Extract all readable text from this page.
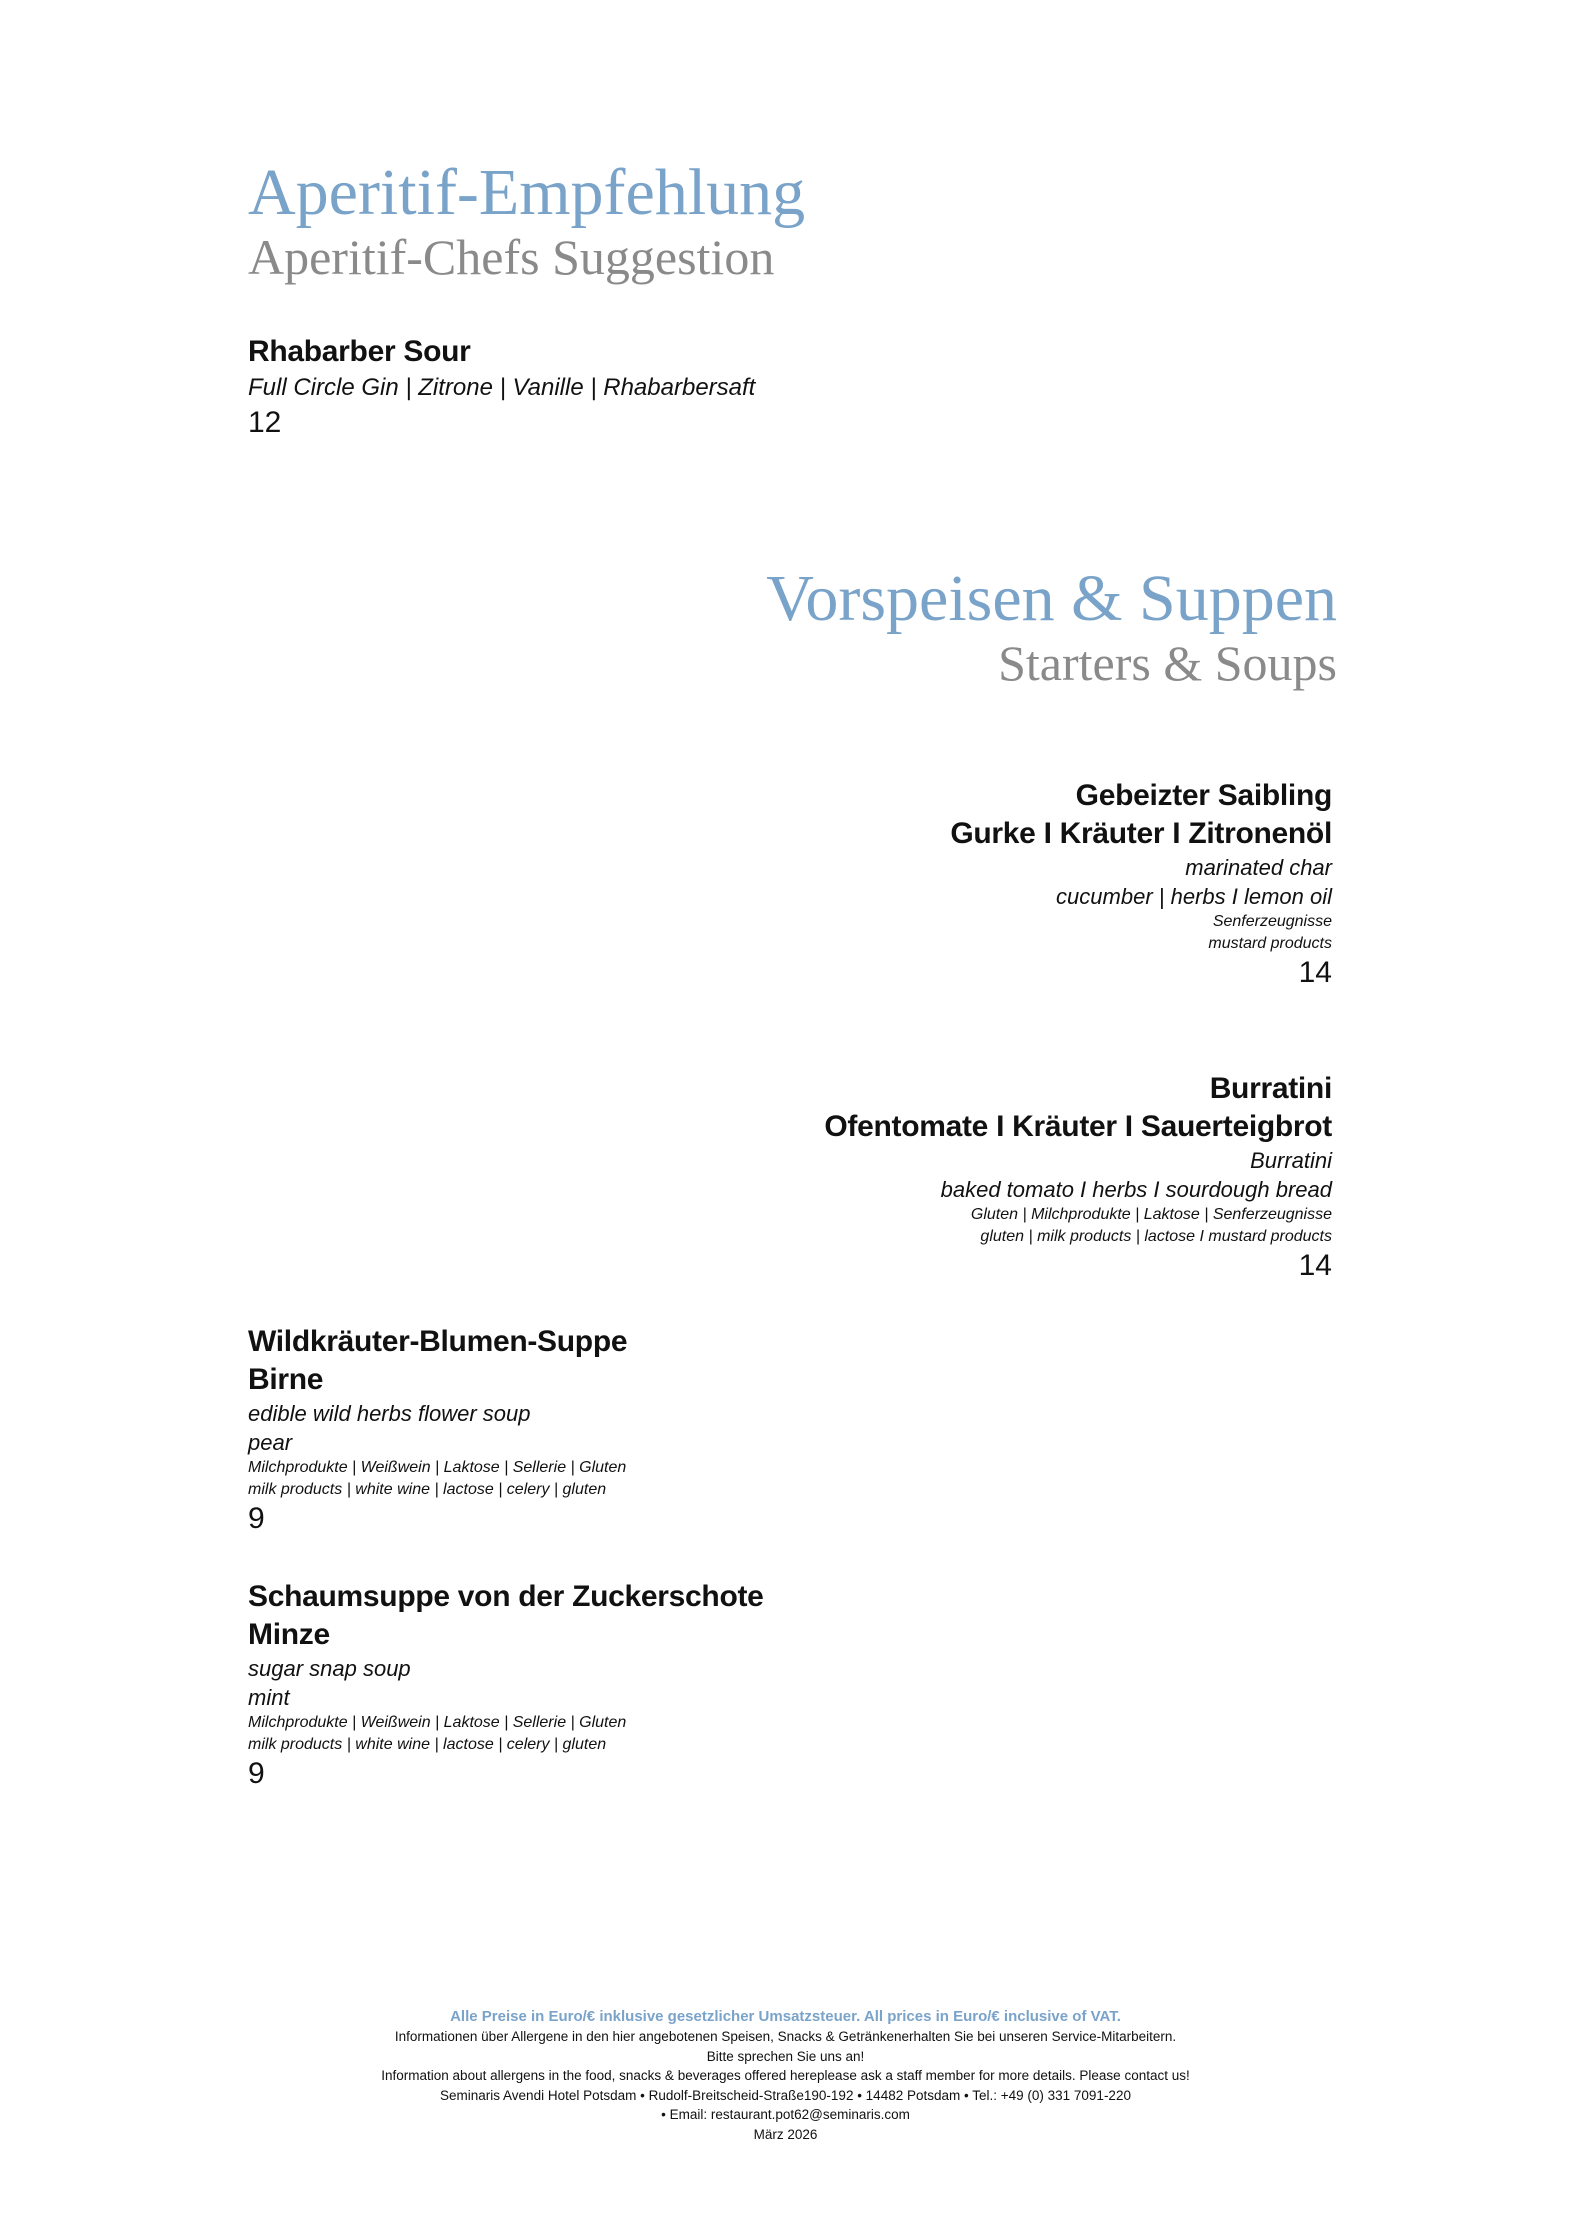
Aperitif-Empfehlung
Aperitif-Chefs Suggestion
Rhabarber Sour
Full Circle Gin | Zitrone | Vanille | Rhabarbersaft
12
Vorspeisen & Suppen
Starters & Soups
Gebeizter Saibling
Gurke I Kräuter I Zitronenöl
marinated char
cucumber | herbs I lemon oil
Senferzeugnisse
mustard products
14
Burratini
Ofentomate I Kräuter I Sauerteigbrot
Burratini
baked tomato I herbs I sourdough bread
Gluten | Milchprodukte | Laktose | Senferzeugnisse
gluten | milk products | lactose I mustard products
14
Wildkräuter-Blumen-Suppe
Birne
edible wild herbs flower soup
pear
Milchprodukte | Weißwein | Laktose | Sellerie | Gluten
milk products | white wine | lactose | celery | gluten
9
Schaumsuppe von der Zuckerschote
Minze
sugar snap soup
mint
Milchprodukte | Weißwein | Laktose | Sellerie | Gluten
milk products | white wine | lactose | celery | gluten
9
Alle Preise in Euro/€ inklusive gesetzlicher Umsatzsteuer. All prices in Euro/€ inclusive of VAT.
Informationen über Allergene in den hier angebotenen Speisen, Snacks & Getränkenerhalten Sie bei unseren Service-Mitarbeitern.
Bitte sprechen Sie uns an!
Information about allergens in the food, snacks & beverages offered hereplease ask a staff member for more details. Please contact us!
Seminaris Avendi Hotel Potsdam • Rudolf-Breitscheid-Straße190-192 • 14482 Potsdam • Tel.: +49 (0) 331 7091-220
• Email: restaurant.pot62@seminaris.com
März 2026
